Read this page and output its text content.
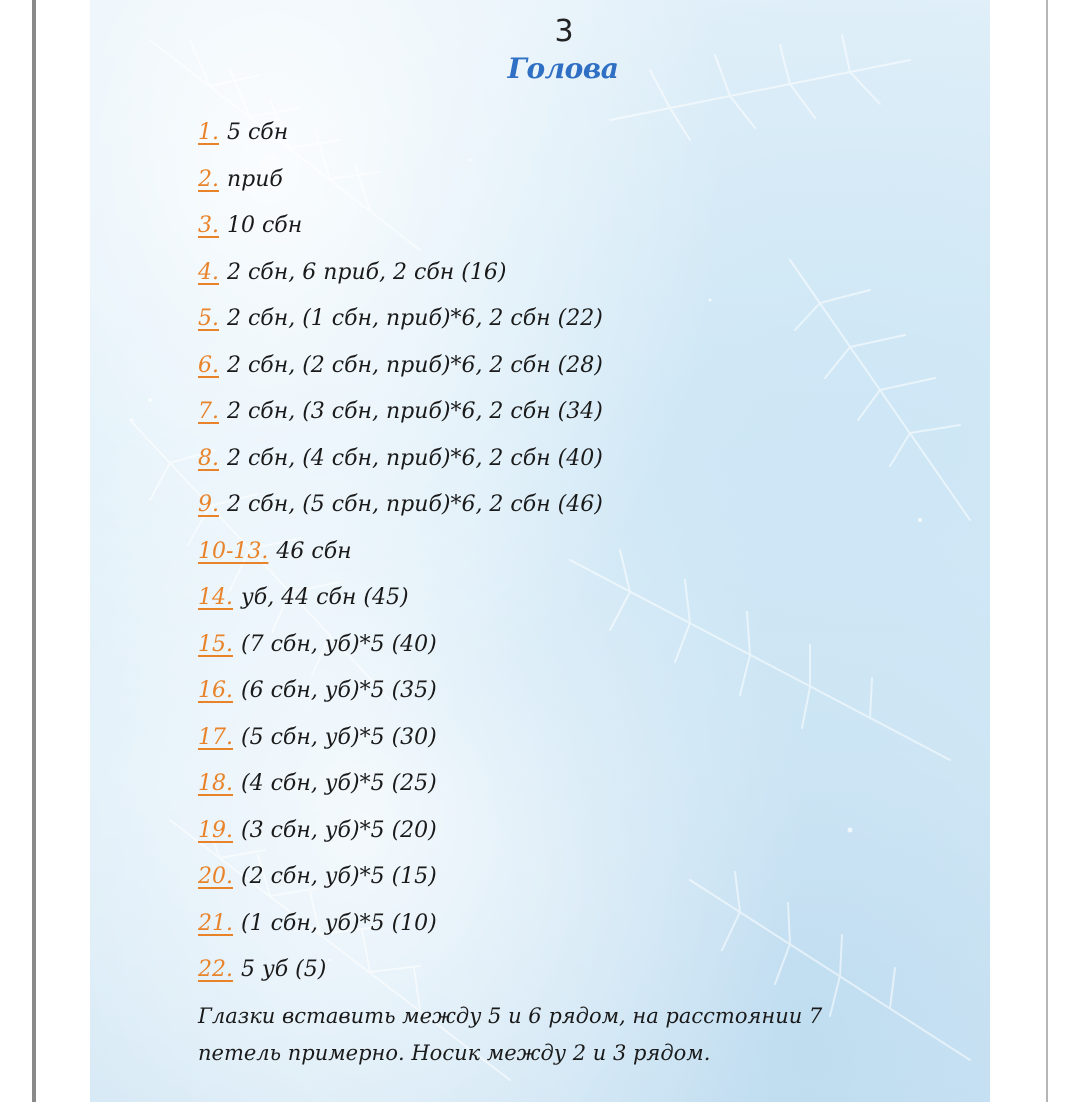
3
Голова
1. 5 сбн
2. приб
3. 10 сбн
4. 2 сбн, 6 приб, 2 сбн (16)
5. 2 сбн, (1 сбн, приб)*6, 2 сбн (22)
6. 2 сбн, (2 сбн, приб)*6, 2 сбн (28)
7. 2 сбн, (3 сбн, приб)*6, 2 сбн (34)
8. 2 сбн, (4 сбн, приб)*6, 2 сбн (40)
9. 2 сбн, (5 сбн, приб)*6, 2 сбн (46)
10-13. 46 сбн
14. уб, 44 сбн (45)
15. (7 сбн, уб)*5 (40)
16. (6 сбн, уб)*5 (35)
17. (5 сбн, уб)*5 (30)
18. (4 сбн, уб)*5 (25)
19. (3 сбн, уб)*5 (20)
20. (2 сбн, уб)*5 (15)
21. (1 сбн, уб)*5 (10)
22. 5 уб (5)
Глазки вставить между 5 и 6 рядом, на расстоянии 7 петель примерно. Носик между 2 и 3 рядом.
